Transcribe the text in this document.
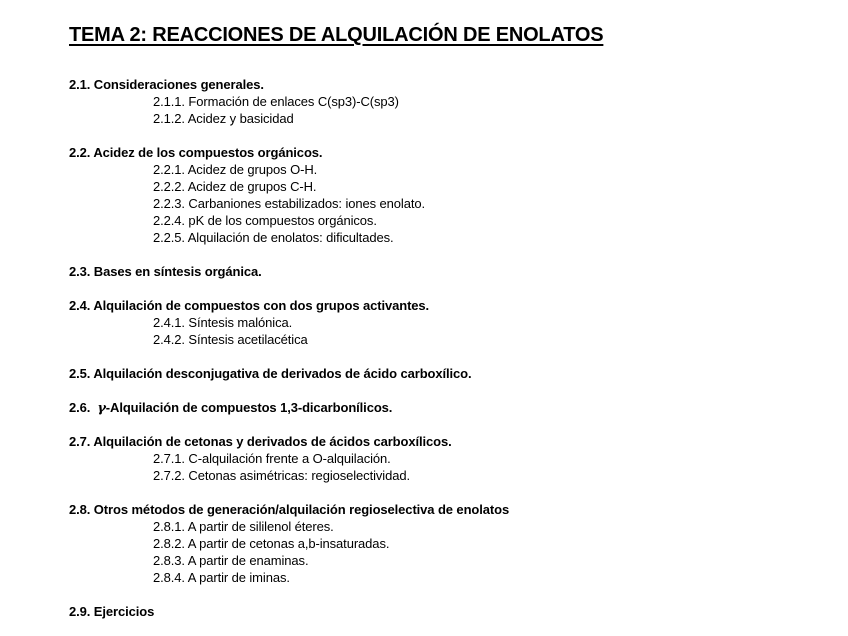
TEMA 2: REACCIONES DE ALQUILACIÓN DE ENOLATOS
2.1. Consideraciones generales.
2.1.1. Formación de enlaces C(sp3)-C(sp3)
2.1.2. Acidez y basicidad
2.2. Acidez de los compuestos orgánicos.
2.2.1. Acidez de grupos O-H.
2.2.2. Acidez de grupos C-H.
2.2.3. Carbaniones estabilizados: iones enolato.
2.2.4. pK de los compuestos orgánicos.
2.2.5. Alquilación de enolatos: dificultades.
2.3. Bases en síntesis orgánica.
2.4. Alquilación de compuestos con dos grupos activantes.
2.4.1. Síntesis malónica.
2.4.2. Síntesis acetilacética
2.5. Alquilación desconjugativa de derivados de ácido carboxílico.
2.6.  γ-Alquilación de compuestos 1,3-dicarbonílicos.
2.7. Alquilación de cetonas y derivados de ácidos carboxílicos.
2.7.1. C-alquilación frente a O-alquilación.
2.7.2. Cetonas asimétricas: regioselectividad.
2.8. Otros métodos de generación/alquilación regioselectiva de enolatos
2.8.1. A partir de sililenol éteres.
2.8.2. A partir de cetonas a,b-insaturadas.
2.8.3. A partir de enaminas.
2.8.4. A partir de iminas.
2.9. Ejercicios
